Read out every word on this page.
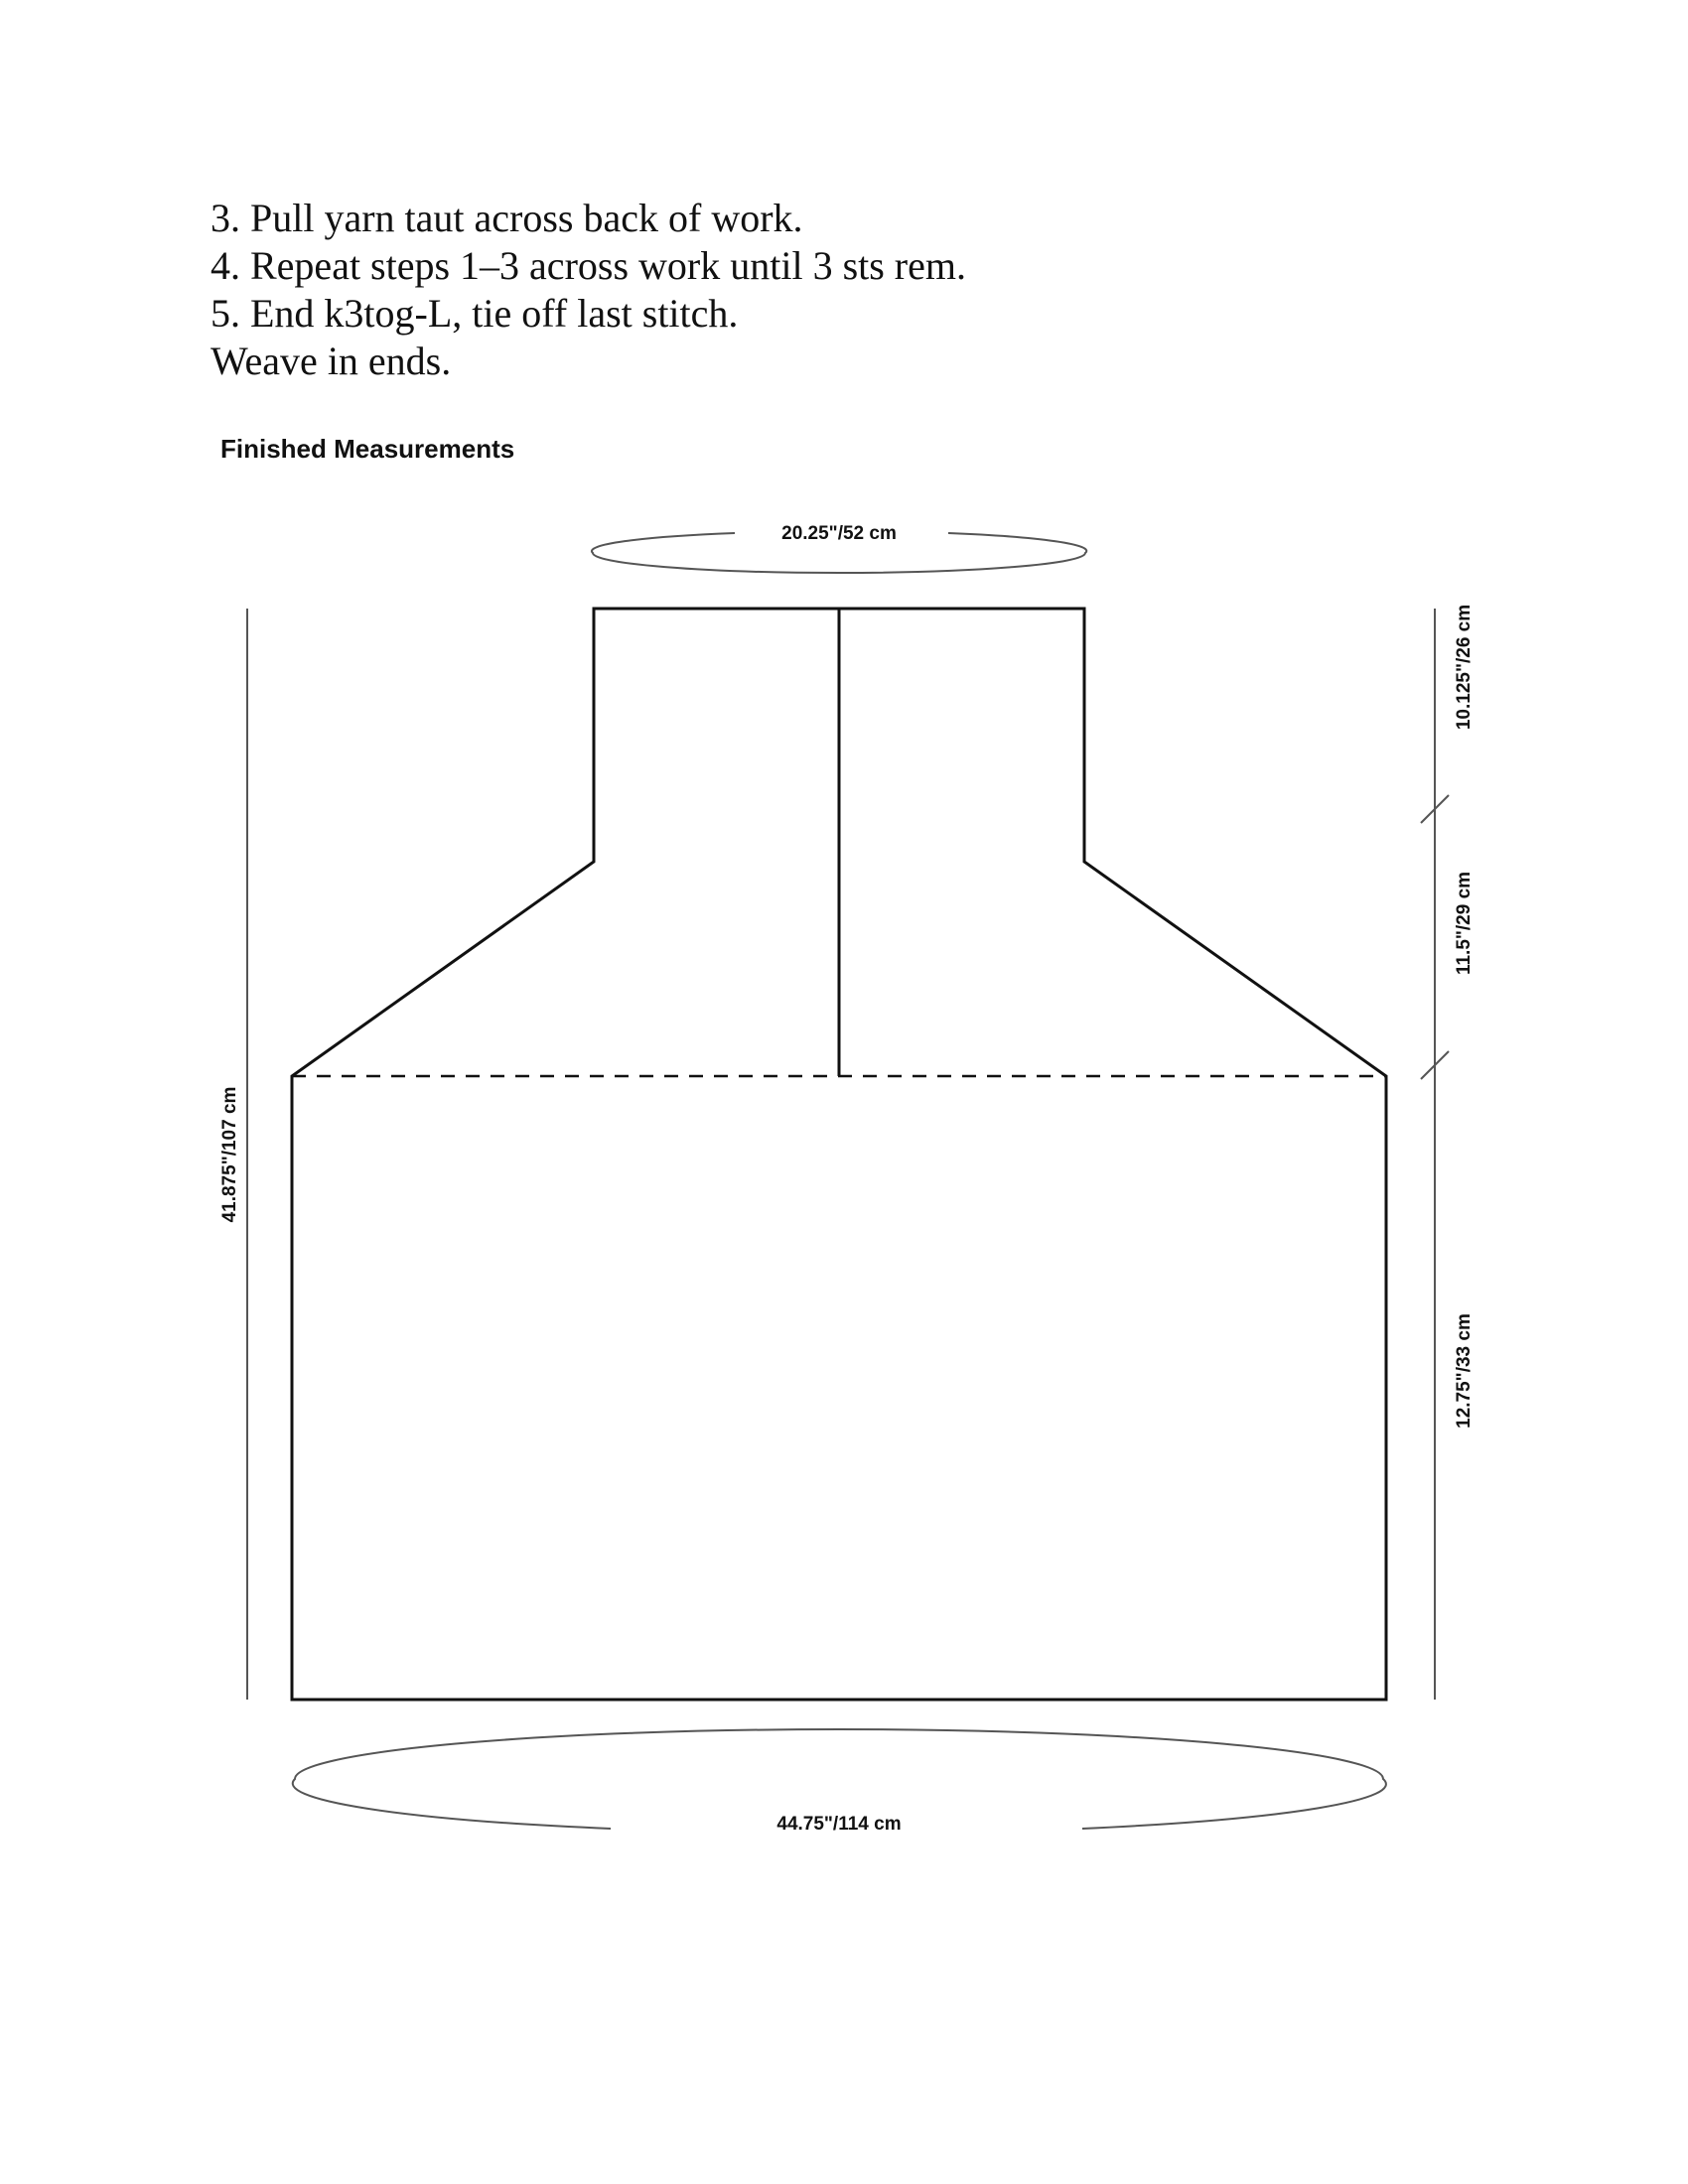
3. Pull yarn taut across back of work.
4. Repeat steps 1–3 across work until 3 sts rem.
5. End k3tog-L, tie off last stitch.
Weave in ends.
Finished Measurements
20.25"/52 cm
41.875"/107 cm
10.125"/26 cm
11.5"/29 cm
12.75"/33 cm
44.75"/114 cm
